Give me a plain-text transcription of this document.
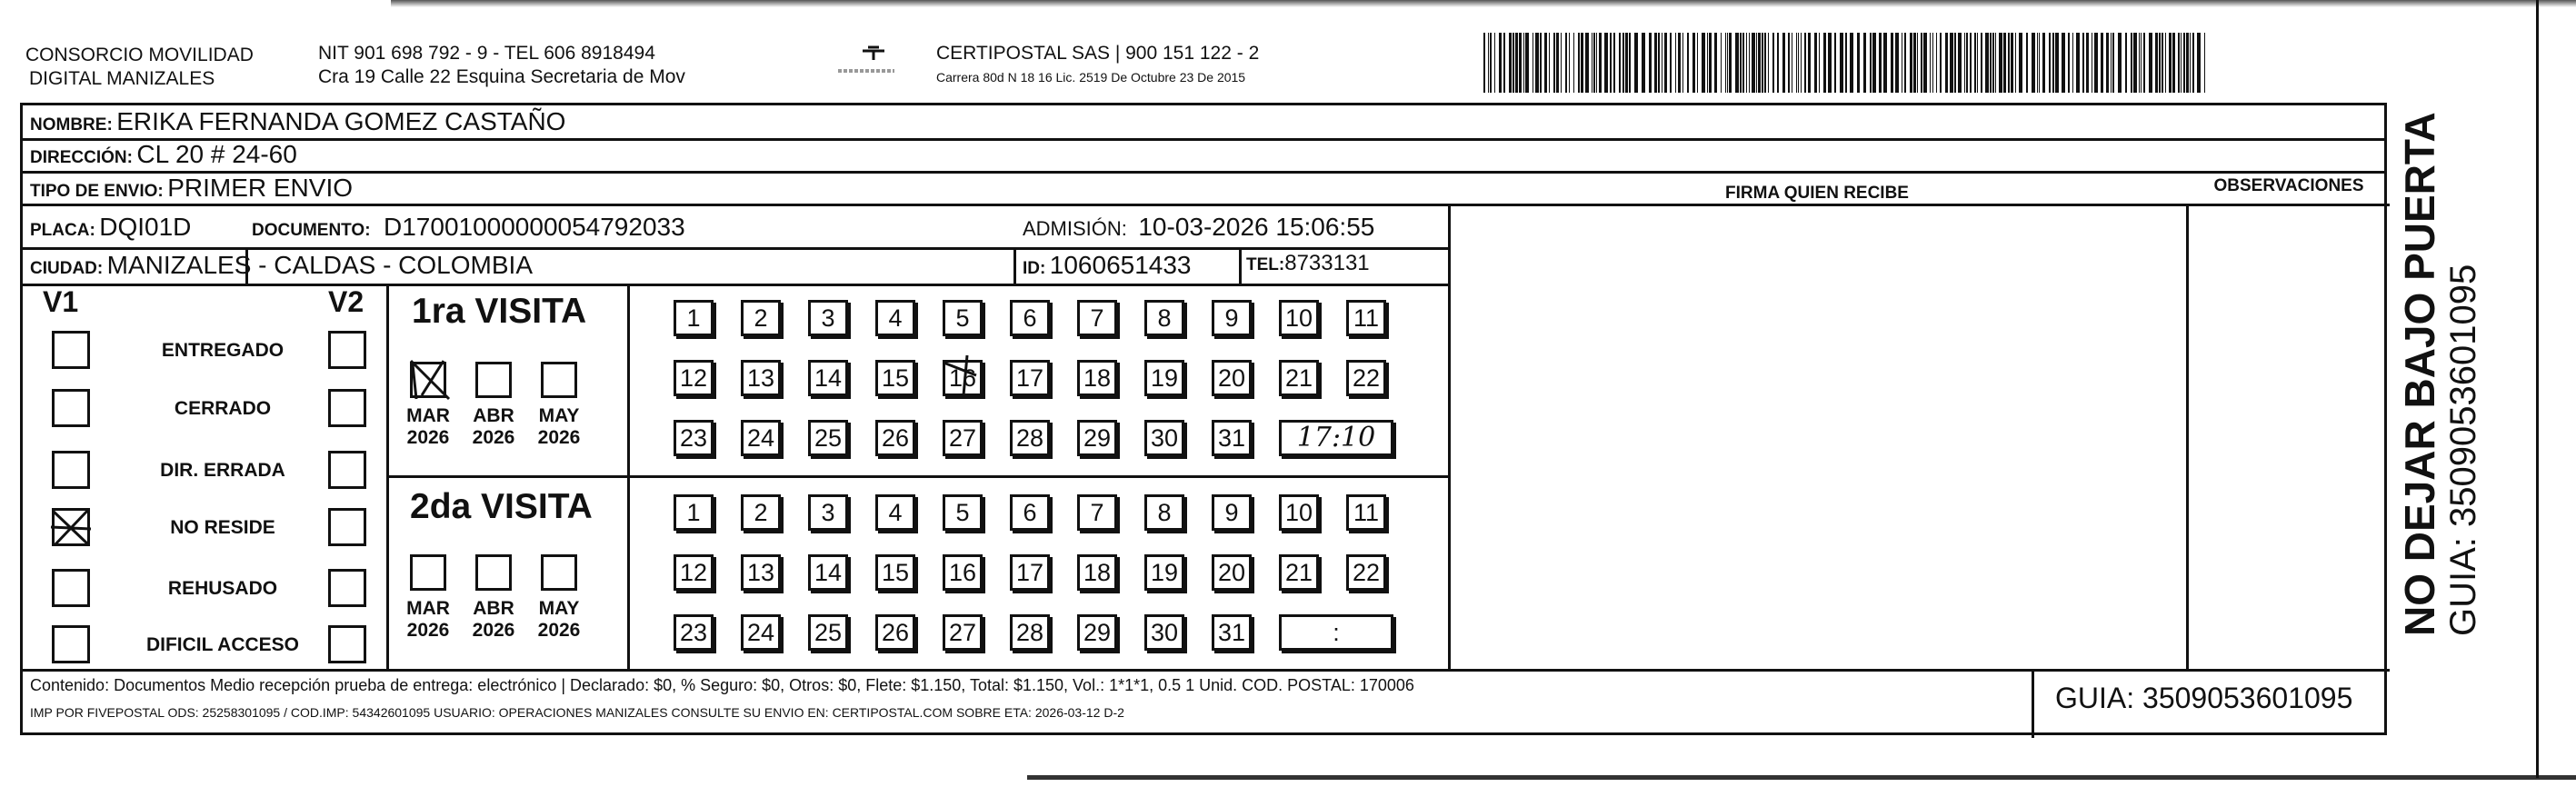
CONSORCIO MOVILIDAD
DIGITAL MANIZALES
NIT 901 698 792 - 9 - TEL 606 8918494
Cra 19 Calle 22 Esquina Secretaria de Mov
CERTIPOSTAL SAS | 900 151 122 - 2
Carrera 80d N 18 16 Lic. 2519 De Octubre 23 De 2015
NOMBRE: ERIKA FERNANDA GOMEZ CASTAÑO
DIRECCIÓN: CL 20 # 24-60
TIPO DE ENVIO: PRIMER ENVIO	FIRMA QUIEN RECIBE	OBSERVACIONES
PLACA: DQI01D	DOCUMENTO: D17001000000054792033	ADMISIÓN: 10-03-2026 15:06:55
CIUDAD: MANIZALES - CALDAS - COLOMBIA	ID: 1060651433	TEL:8733131
V1	V2
ENTREGADO
CERRADO
DIR. ERRADA
NO RESIDE
REHUSADO
DIFICIL ACCESO
1ra VISITA
2da VISITA
MAR
2026
ABR
2026
MAY
2026
MAR
2026
ABR
2026
MAY
2026
1	2	3	4	5	6	7	8	9	10 11
12 13 14 15 16 17 18 19 20 21 22
23 24 25 26 27 28 29 30 31	17:10
1	2	3	4	5	6	7	8	9	10 11
12 13 14 15 16 17 18 19 20 21 22
23 24 25 26 27 28 29 30 31	:
Contenido: Documentos Medio recepción prueba de entrega: electrónico | Declarado: $0, % Seguro: $0, Otros: $0, Flete: $1.150, Total: $1.150, Vol.: 1*1*1, 0.5 1 Unid. COD. POSTAL: 170006
IMP POR FIVEPOSTAL ODS: 25258301095 / COD.IMP: 54342601095 USUARIO: OPERACIONES MANIZALES CONSULTE SU ENVIO EN: CERTIPOSTAL.COM SOBRE ETA: 2026-03-12 D-2	GUIA: 3509053601095
NO DEJAR BAJO PUERTA GUIA: 3509053601095
